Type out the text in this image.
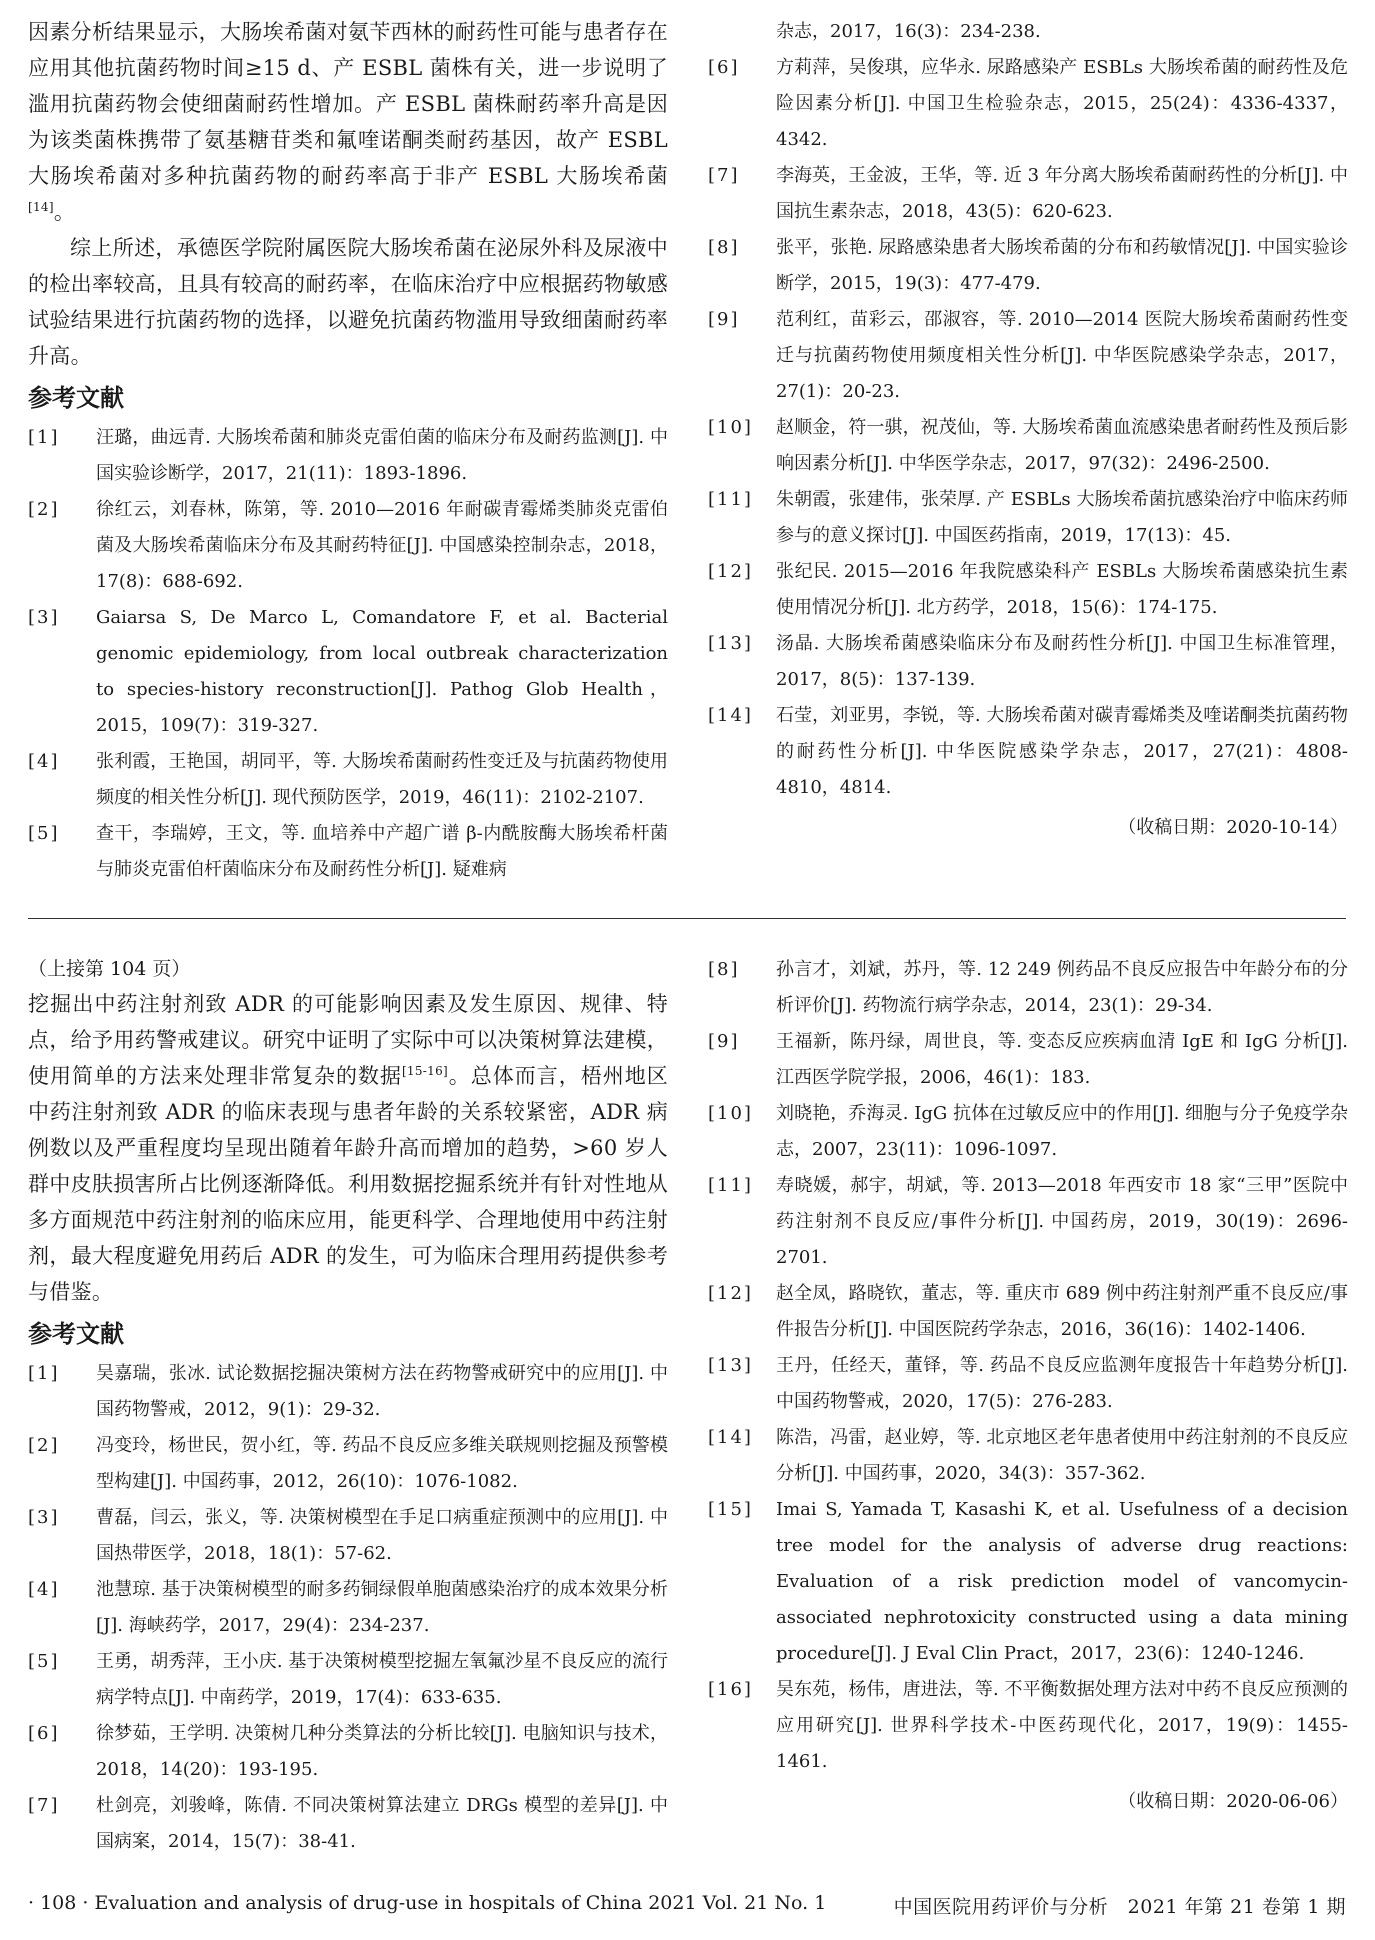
因素分析结果显示，大肠埃希菌对氨苄西林的耐药性可能与患者存在应用其他抗菌药物时间≥15 d、产 ESBL 菌株有关，进一步说明了滥用抗菌药物会使细菌耐药性增加。产 ESBL 菌株耐药率升高是因为该类菌株携带了氨基糖苷类和氟喹诺酮类耐药基因，故产 ESBL 大肠埃希菌对多种抗菌药物的耐药率高于非产 ESBL 大肠埃希菌[14]。

综上所述，承德医学院附属医院大肠埃希菌在泌尿外科及尿液中的检出率较高，且具有较高的耐药率，在临床治疗中应根据药物敏感试验结果进行抗菌药物的选择，以避免抗菌药物滥用导致细菌耐药率升高。

参考文献
[1]	汪璐，曲远青. 大肠埃希菌和肺炎克雷伯菌的临床分布及耐药监测[J]. 中国实验诊断学，2017，21(11)：1893-1896.
[2]	徐红云，刘春林，陈第，等. 2010—2016 年耐碳青霉烯类肺炎克雷伯菌及大肠埃希菌临床分布及其耐药特征[J]. 中国感染控制杂志，2018，17(8)：688-692.
[3]	Gaiarsa S, De Marco L, Comandatore F, et al. Bacterial genomic epidemiology, from local outbreak characterization to species-history reconstruction[J]. Pathog Glob Health，2015，109(7)：319-327.
[4]	张利霞，王艳国，胡同平，等. 大肠埃希菌耐药性变迁及与抗菌药物使用频度的相关性分析[J]. 现代预防医学，2019，46(11)：2102-2107.
[5]	查干，李瑞婷，王文，等. 血培养中产超广谱 β-内酰胺酶大肠埃希杆菌与肺炎克雷伯杆菌临床分布及耐药性分析[J]. 疑难病
杂志，2017，16(3)：234-238.
[6]	方莉萍，吴俊琪，应华永. 尿路感染产 ESBLs 大肠埃希菌的耐药性及危险因素分析[J]. 中国卫生检验杂志，2015，25(24)：4336-4337，4342.
[7]	李海英，王金波，王华，等. 近 3 年分离大肠埃希菌耐药性的分析[J]. 中国抗生素杂志，2018，43(5)：620-623.
[8]	张平，张艳. 尿路感染患者大肠埃希菌的分布和药敏情况[J]. 中国实验诊断学，2015，19(3)：477-479.
[9]	范利红，苗彩云，邵淑容，等. 2010—2014 医院大肠埃希菌耐药性变迁与抗菌药物使用频度相关性分析[J]. 中华医院感染学杂志，2017，27(1)：20-23.
[10]	赵顺金，符一骐，祝茂仙，等. 大肠埃希菌血流感染患者耐药性及预后影响因素分析[J]. 中华医学杂志，2017，97(32)：2496-2500.
[11]	朱朝霞，张建伟，张荣厚. 产 ESBLs 大肠埃希菌抗感染治疗中临床药师参与的意义探讨[J]. 中国医药指南，2019，17(13)：45.
[12]	张纪民. 2015—2016 年我院感染科产 ESBLs 大肠埃希菌感染抗生素使用情况分析[J]. 北方药学，2018，15(6)：174-175.
[13]	汤晶. 大肠埃希菌感染临床分布及耐药性分析[J]. 中国卫生标准管理，2017，8(5)：137-139.
[14]	石莹，刘亚男，李锐，等. 大肠埃希菌对碳青霉烯类及喹诺酮类抗菌药物的耐药性分析[J]. 中华医院感染学杂志，2017，27(21)：4808-4810，4814.

（收稿日期：2020-10-14）

（上接第 104 页）

挖掘出中药注射剂致 ADR 的可能影响因素及发生原因、规律、特点，给予用药警戒建议。研究中证明了实际中可以决策树算法建模，使用简单的方法来处理非常复杂的数据[15-16]。总体而言，梧州地区中药注射剂致 ADR 的临床表现与患者年龄的关系较紧密，ADR 病例数以及严重程度均呈现出随着年龄升高而增加的趋势，>60 岁人群中皮肤损害所占比例逐渐降低。利用数据挖掘系统并有针对性地从多方面规范中药注射剂的临床应用，能更科学、合理地使用中药注射剂，最大程度避免用药后 ADR 的发生，可为临床合理用药提供参考与借鉴。

参考文献
[1]	吴嘉瑞，张冰. 试论数据挖掘决策树方法在药物警戒研究中的应用[J]. 中国药物警戒，2012，9(1)：29-32.
[2]	冯变玲，杨世民，贺小红，等. 药品不良反应多维关联规则挖掘及预警模型构建[J]. 中国药事，2012，26(10)：1076-1082.
[3]	曹磊，闫云，张义，等. 决策树模型在手足口病重症预测中的应用[J]. 中国热带医学，2018，18(1)：57-62.
[4]	池慧琼. 基于决策树模型的耐多药铜绿假单胞菌感染治疗的成本效果分析[J]. 海峡药学，2017，29(4)：234-237.
[5]	王勇，胡秀萍，王小庆. 基于决策树模型挖掘左氧氟沙星不良反应的流行病学特点[J]. 中南药学，2019，17(4)：633-635.
[6]	徐梦茹，王学明. 决策树几种分类算法的分析比较[J]. 电脑知识与技术，2018，14(20)：193-195.
[7]	杜剑亮，刘骏峰，陈倩. 不同决策树算法建立 DRGs 模型的差异[J]. 中国病案，2014，15(7)：38-41.
[8]	孙言才，刘斌，苏丹，等. 12 249 例药品不良反应报告中年龄分布的分析评价[J]. 药物流行病学杂志，2014，23(1)：29-34.
[9]	王福新，陈丹绿，周世良，等. 变态反应疾病血清 IgE 和 IgG 分析[J]. 江西医学院学报，2006，46(1)：183.
[10]	刘晓艳，乔海灵. IgG 抗体在过敏反应中的作用[J]. 细胞与分子免疫学杂志，2007，23(11)：1096-1097.
[11]	寿晓媛，郝宇，胡斌，等. 2013—2018 年西安市 18 家“三甲”医院中药注射剂不良反应/事件分析[J]. 中国药房，2019，30(19)：2696-2701.
[12]	赵全凤，路晓钦，董志，等. 重庆市 689 例中药注射剂严重不良反应/事件报告分析[J]. 中国医院药学杂志，2016，36(16)：1402-1406.
[13]	王丹，任经天，董铎，等. 药品不良反应监测年度报告十年趋势分析[J]. 中国药物警戒，2020，17(5)：276-283.
[14]	陈浩，冯雷，赵业婷，等. 北京地区老年患者使用中药注射剂的不良反应分析[J]. 中国药事，2020，34(3)：357-362.
[15]	Imai S, Yamada T, Kasashi K, et al. Usefulness of a decision tree model for the analysis of adverse drug reactions: Evaluation of a risk prediction model of vancomycin-associated nephrotoxicity constructed using a data mining procedure[J]. J Eval Clin Pract，2017，23(6)：1240-1246.
[16]	吴东苑，杨伟，唐进法，等. 不平衡数据处理方法对中药不良反应预测的应用研究[J]. 世界科学技术-中医药现代化，2017，19(9)：1455-1461.

（收稿日期：2020-06-06）

· 108 · Evaluation and analysis of drug-use in hospitals of China 2021 Vol. 21 No. 1	中国医院用药评价与分析　2021 年第 21 卷第 1 期
